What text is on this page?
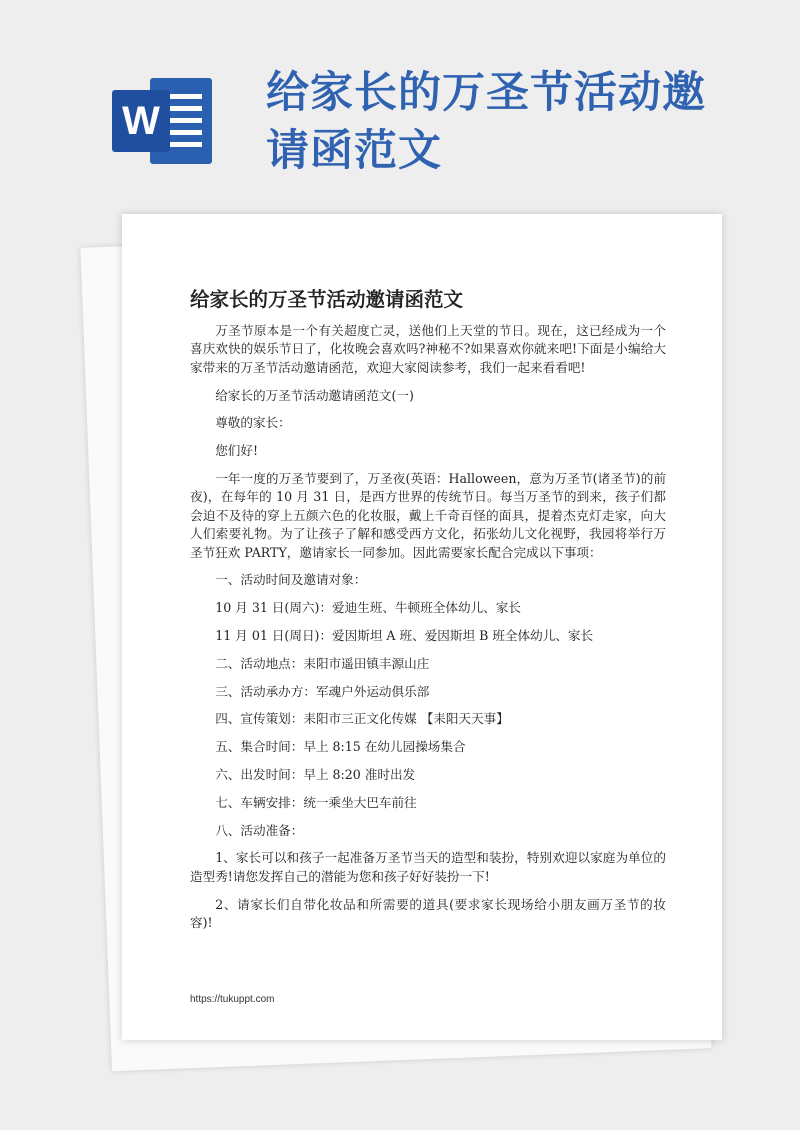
W
给家长的万圣节活动邀请函范文
给家长的万圣节活动邀请函范文

万圣节原本是一个有关超度亡灵，送他们上天堂的节日。现在，这已经成为一个喜庆欢快的娱乐节日了，化妆晚会喜欢吗?神秘不?如果喜欢你就来吧!下面是小编给大家带来的万圣节活动邀请函范，欢迎大家阅读参考，我们一起来看看吧!

给家长的万圣节活动邀请函范文(一)

尊敬的家长：

您们好!

一年一度的万圣节要到了，万圣夜(英语：Halloween，意为万圣节(诸圣节)的前夜)，在每年的 10 月 31 日，是西方世界的传统节日。每当万圣节的到来，孩子们都会迫不及待的穿上五颜六色的化妆服，戴上千奇百怪的面具，提着杰克灯走家，向大人们索要礼物。为了让孩子了解和感受西方文化，拓张幼儿文化视野，我园将举行万圣节狂欢 PARTY，邀请家长一同参加。因此需要家长配合完成以下事项：

一、活动时间及邀请对象：

10 月 31 日(周六)：爱迪生班、牛顿班全体幼儿、家长

11 月 01 日(周日)：爱因斯坦 A 班、爱因斯坦 B 班全体幼儿、家长

二、活动地点：耒阳市遥田镇丰源山庄

三、活动承办方：军魂户外运动俱乐部

四、宣传策划：耒阳市三正文化传媒 【耒阳天天事】

五、集合时间：早上 8:15 在幼儿园操场集合

六、出发时间：早上 8:20 准时出发

七、车辆安排：统一乘坐大巴车前往

八、活动准备：

1、家长可以和孩子一起准备万圣节当天的造型和装扮，特别欢迎以家庭为单位的造型秀!请您发挥自己的潜能为您和孩子好好装扮一下!

2、请家长们自带化妆品和所需要的道具(要求家长现场给小朋友画万圣节的妆容)!

https://tukuppt.com
